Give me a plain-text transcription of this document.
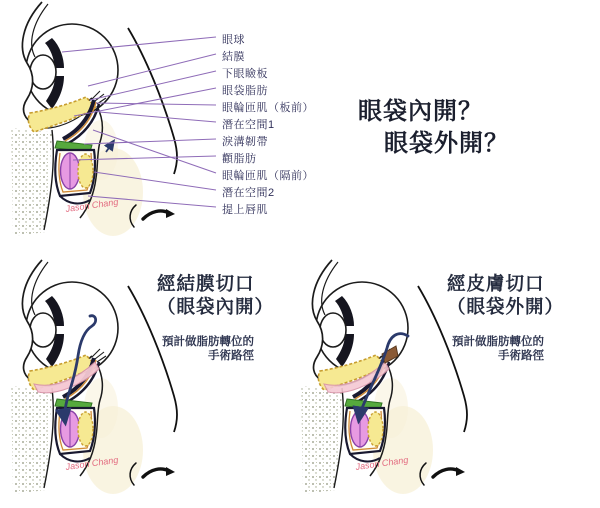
眼球
結膜
下眼瞼板
眼袋脂肪
眼輪匝肌（板前）
潛在空間1
淚溝韌帶
顴脂肪
眼輪匝肌（隔前）
潛在空間2
提上唇肌
眼袋內開？
眼袋外開？
經結膜切口
（眼袋內開）
預計做脂肪轉位的
手術路徑
經皮膚切口
（眼袋外開）
預計做脂肪轉位的
手術路徑
